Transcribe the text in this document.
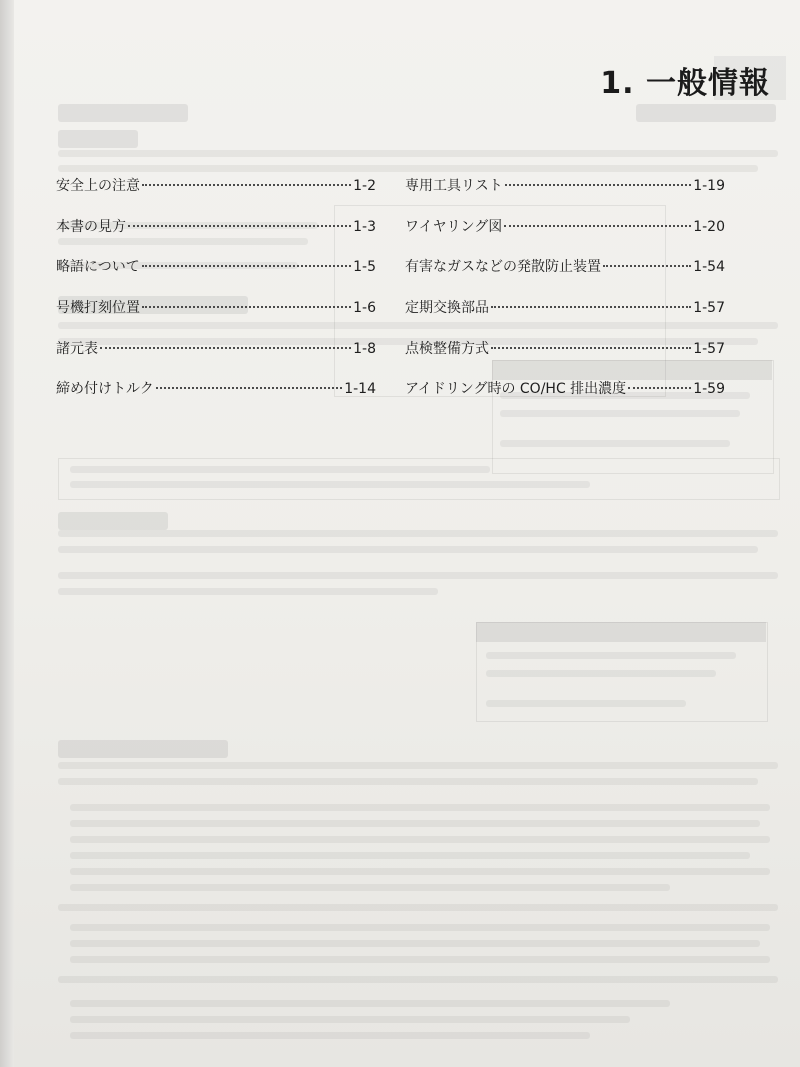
1. 一般情報
安全上の注意	1-2
本書の見方	1-3
略語について	1-5
号機打刻位置	1-6
諸元表	1-8
締め付けトルク	1-14
専用工具リスト	1-19
ワイヤリング図	1-20
有害なガスなどの発散防止装置	1-54
定期交換部品	1-57
点検整備方式	1-57
アイドリング時の CO/HC 排出濃度	1-59
